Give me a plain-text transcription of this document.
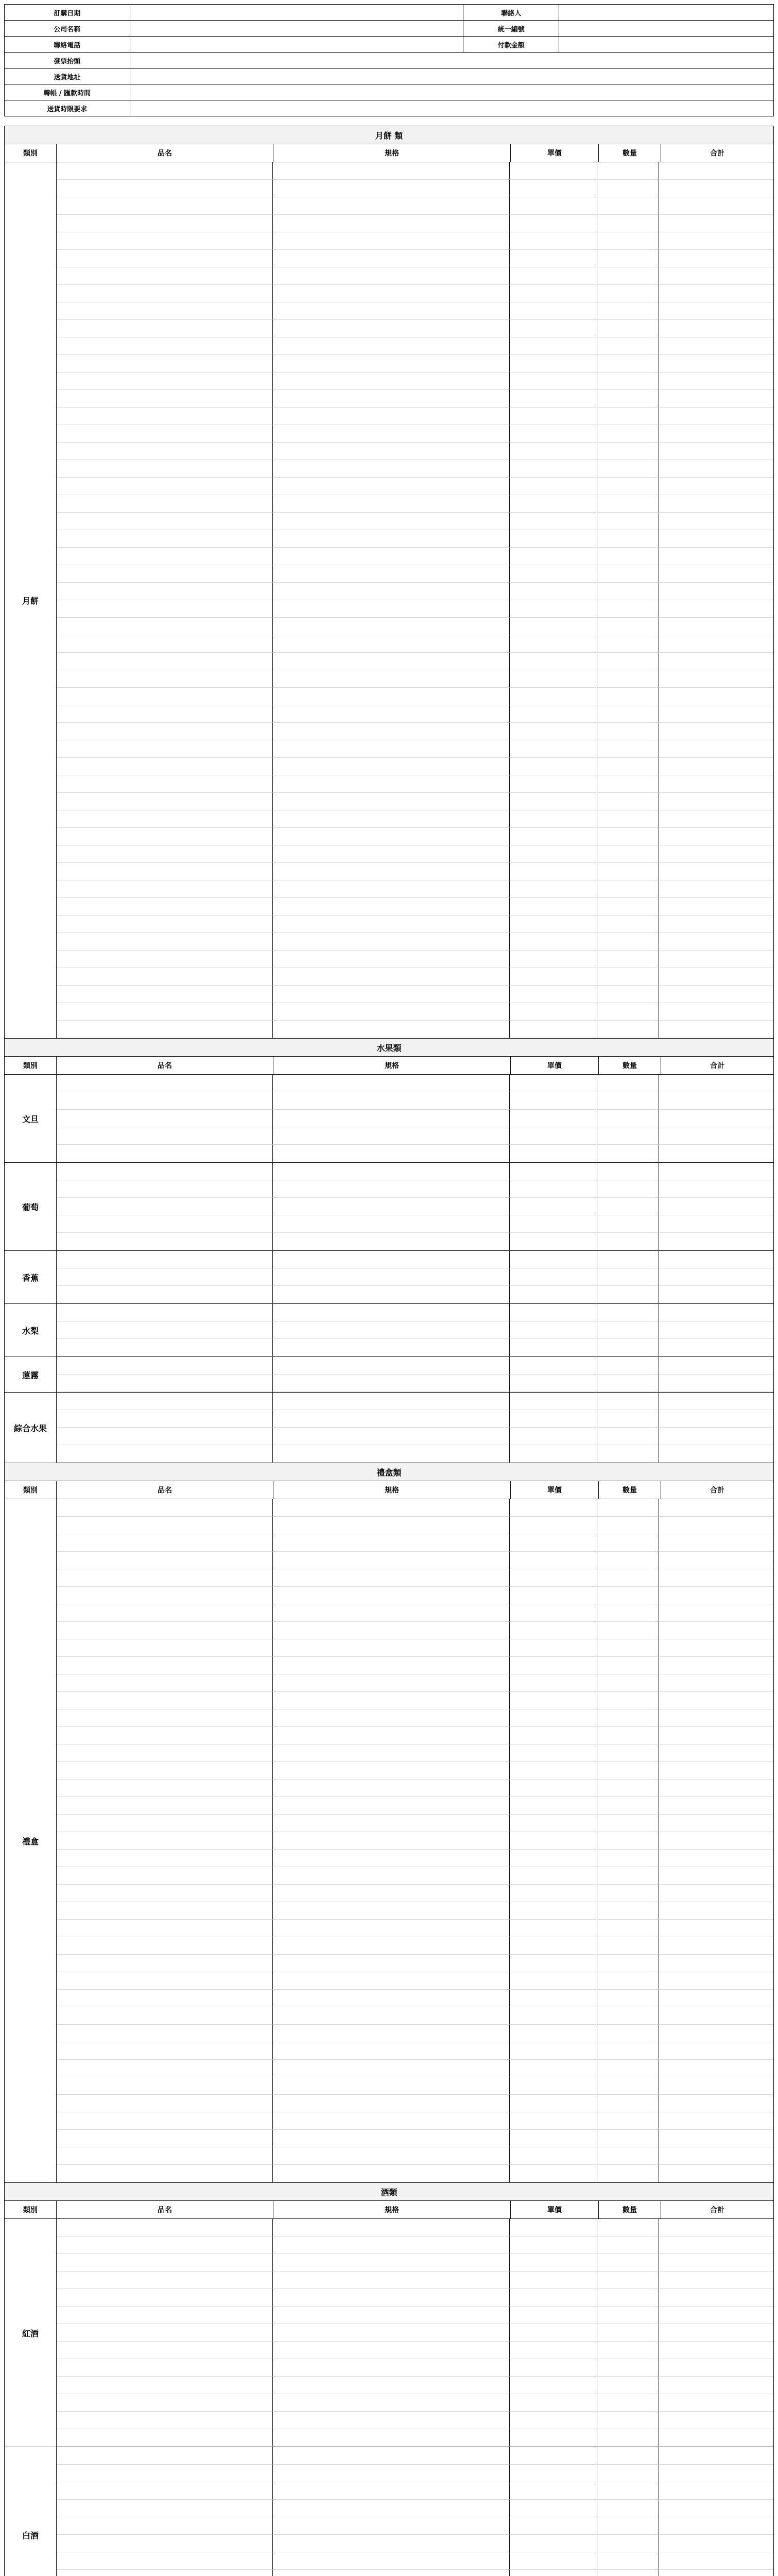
訂購日期		聯絡人	
公司名稱		統一編號	
聯絡電話		付款金額	
發票抬頭			
送貨地址			
轉帳 / 匯款時間			
送貨時限要求			
月餅 類
類別	品名	規格	單價	數量	合計
月餅
水果類
類別	品名	規格	單價	數量	合計
文旦
葡萄
香蕉
水梨
蓮霧
綜合水果
禮盒類
類別	品名	規格	單價	數量	合計
禮盒
酒類
類別	品名	規格	單價	數量	合計
紅酒
白酒
